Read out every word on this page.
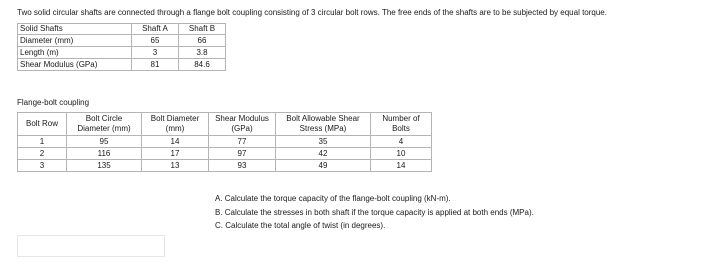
Two solid circular shafts are connected through a flange bolt coupling consisting of 3 circular bolt rows. The free ends of the shafts are to be subjected by equal torque.
Solid Shafts	Shaft A	Shaft B
Diameter (mm)	65	66
Length (m)	3	3.8
Shear Modulus (GPa)	81	84.6
Flange-bolt coupling
Bolt Row	Bolt Circle Diameter (mm)	Bolt Diameter (mm)	Shear Modulus (GPa)	Bolt Allowable Shear Stress (MPa)	Number of Bolts
1	95	14	77	35	4
2	116	17	97	42	10
3	135	13	93	49	14
A. Calculate the torque capacity of the flange-bolt coupling (kN-m).
B. Calculate the stresses in both shaft if the torque capacity is applied at both ends (MPa).
C. Calculate the total angle of twist (in degrees).
